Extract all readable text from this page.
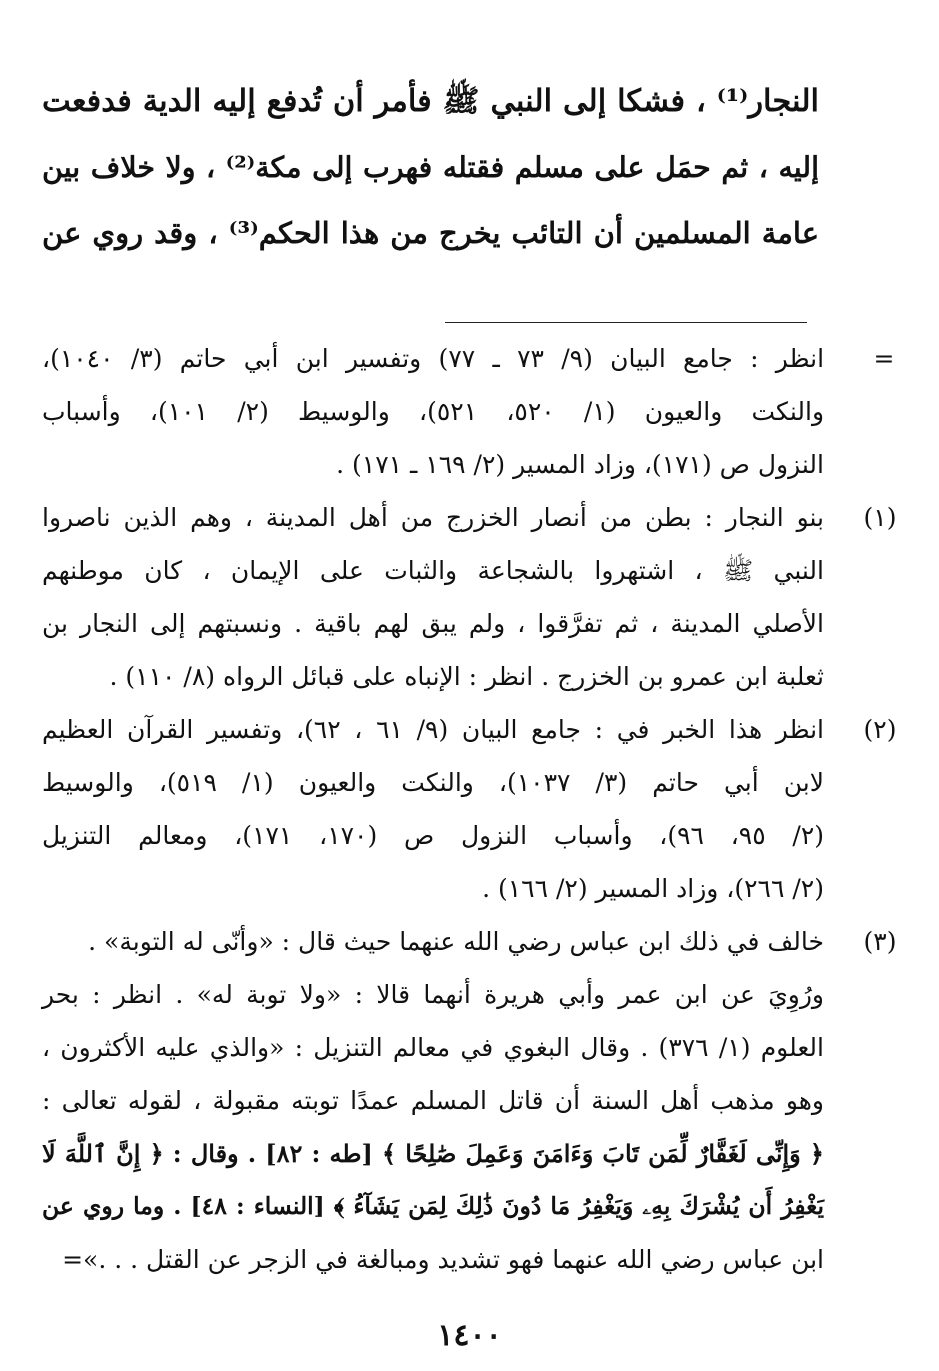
النجار⁽¹⁾ ، فشكا إلى النبي ﷺ فأمر أن تُدفع إليه الدية فدفعت
إليه ، ثم حمَل على مسلم فقتله فهرب إلى مكة⁽²⁾ ، ولا خلاف بين
عامة المسلمين أن التائب يخرج من هذا الحكم⁽³⁾ ، وقد روي عن
=
انظر : جامع البيان (٩/ ٧٣ ـ ٧٧) وتفسير ابن أبي حاتم (٣/ ١٠٤٠)،
والنكت والعيون (١/ ٥٢٠، ٥٢١)، والوسيط (٢/ ١٠١)، وأسباب
النزول ص (١٧١)، وزاد المسير (٢/ ١٦٩ ـ ١٧١) .
(١)
بنو النجار : بطن من أنصار الخزرج من أهل المدينة ، وهم الذين ناصروا
النبي ﷺ ، اشتهروا بالشجاعة والثبات على الإيمان ، كان موطنهم
الأصلي المدينة ، ثم تفرَّقوا ، ولم يبق لهم باقية . ونسبتهم إلى النجار بن
ثعلبة ابن عمرو بن الخزرج . انظر : الإنباه على قبائل الرواه (٨/ ١١٠) .
(٢)
انظر هذا الخبر في : جامع البيان (٩/ ٦١ ، ٦٢)، وتفسير القرآن العظيم
لابن أبي حاتم (٣/ ١٠٣٧)، والنكت والعيون (١/ ٥١٩)، والوسيط
(٢/ ٩٥، ٩٦)، وأسباب النزول ص (١٧٠، ١٧١)، ومعالم التنزيل
(٢/ ٢٦٦)، وزاد المسير (٢/ ١٦٦) .
(٣)
خالف في ذلك ابن عباس رضي الله عنهما حيث قال : «وأنّى له التوبة» .
ورُوِيَ عن ابن عمر وأبي هريرة أنهما قالا : «ولا توبة له» . انظر : بحر
العلوم (١/ ٣٧٦) . وقال البغوي في معالم التنزيل : «والذي عليه الأكثرون ،
وهو مذهب أهل السنة أن قاتل المسلم عمدًا توبته مقبولة ، لقوله تعالى :
﴿ وَإِنِّى لَغَفَّارٌ لِّمَن تَابَ وَءَامَنَ وَعَمِلَ صَٰلِحًا ﴾ [طه : ٨٢] . وقال : ﴿ إِنَّ ٱللَّهَ لَا
يَغْفِرُ أَن يُشْرَكَ بِهِۦ وَيَغْفِرُ مَا دُونَ ذَٰلِكَ لِمَن يَشَآءُ ﴾ [النساء : ٤٨] . وما روي عن
ابن عباس رضي الله عنهما فهو تشديد ومبالغة في الزجر عن القتل . . .»=
١٤٠٠
